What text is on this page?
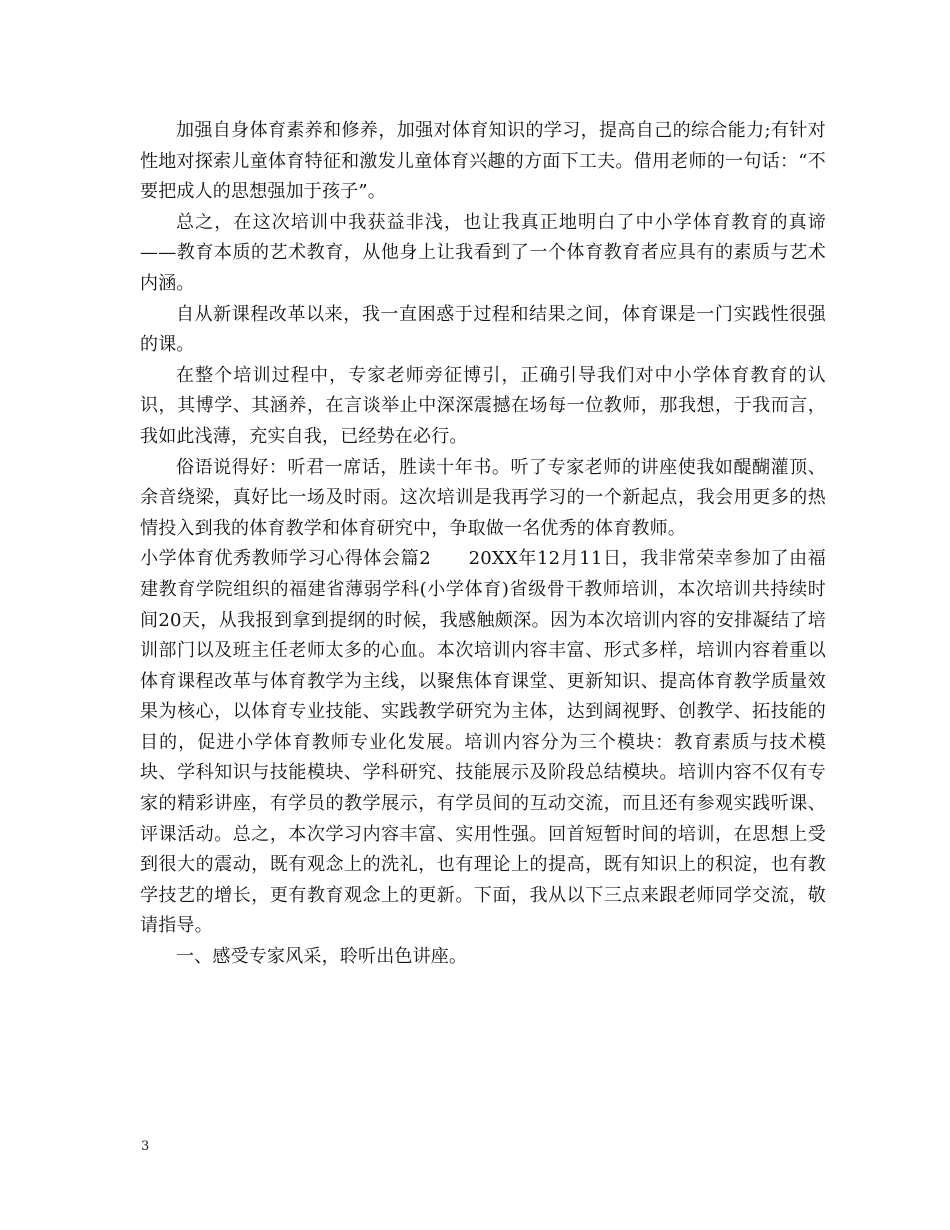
加强自身体育素养和修养，加强对体育知识的学习，提高自己的综合能力;有针对性地对探索儿童体育特征和激发儿童体育兴趣的方面下工夫。借用老师的一句话：“不要把成人的思想强加于孩子”。

总之，在这次培训中我获益非浅，也让我真正地明白了中小学体育教育的真谛——教育本质的艺术教育，从他身上让我看到了一个体育教育者应具有的素质与艺术内涵。

自从新课程改革以来，我一直困惑于过程和结果之间，体育课是一门实践性很强的课。

在整个培训过程中，专家老师旁征博引，正确引导我们对中小学体育教育的认识，其博学、其涵养，在言谈举止中深深震撼在场每一位教师，那我想，于我而言，我如此浅薄，充实自我，已经势在必行。

俗语说得好：听君一席话，胜读十年书。听了专家老师的讲座使我如醍醐灌顶、余音绕梁，真好比一场及时雨。这次培训是我再学习的一个新起点，我会用更多的热情投入到我的体育教学和体育研究中，争取做一名优秀的体育教师。

小学体育优秀教师学习心得体会篇2　　20XX年12月11日，我非常荣幸参加了由福建教育学院组织的福建省薄弱学科(小学体育)省级骨干教师培训，本次培训共持续时间20天，从我报到拿到提纲的时候，我感触颇深。因为本次培训内容的安排凝结了培训部门以及班主任老师太多的心血。本次培训内容丰富、形式多样，培训内容着重以体育课程改革与体育教学为主线，以聚焦体育课堂、更新知识、提高体育教学质量效果为核心，以体育专业技能、实践教学研究为主体，达到阔视野、创教学、拓技能的目的，促进小学体育教师专业化发展。培训内容分为三个模块：教育素质与技术模块、学科知识与技能模块、学科研究、技能展示及阶段总结模块。培训内容不仅有专家的精彩讲座，有学员的教学展示，有学员间的互动交流，而且还有参观实践听课、评课活动。总之，本次学习内容丰富、实用性强。回首短暂时间的培训，在思想上受到很大的震动，既有观念上的洗礼，也有理论上的提高，既有知识上的积淀，也有教学技艺的增长，更有教育观念上的更新。下面，我从以下三点来跟老师同学交流，敬请指导。

一、感受专家风采，聆听出色讲座。

3
